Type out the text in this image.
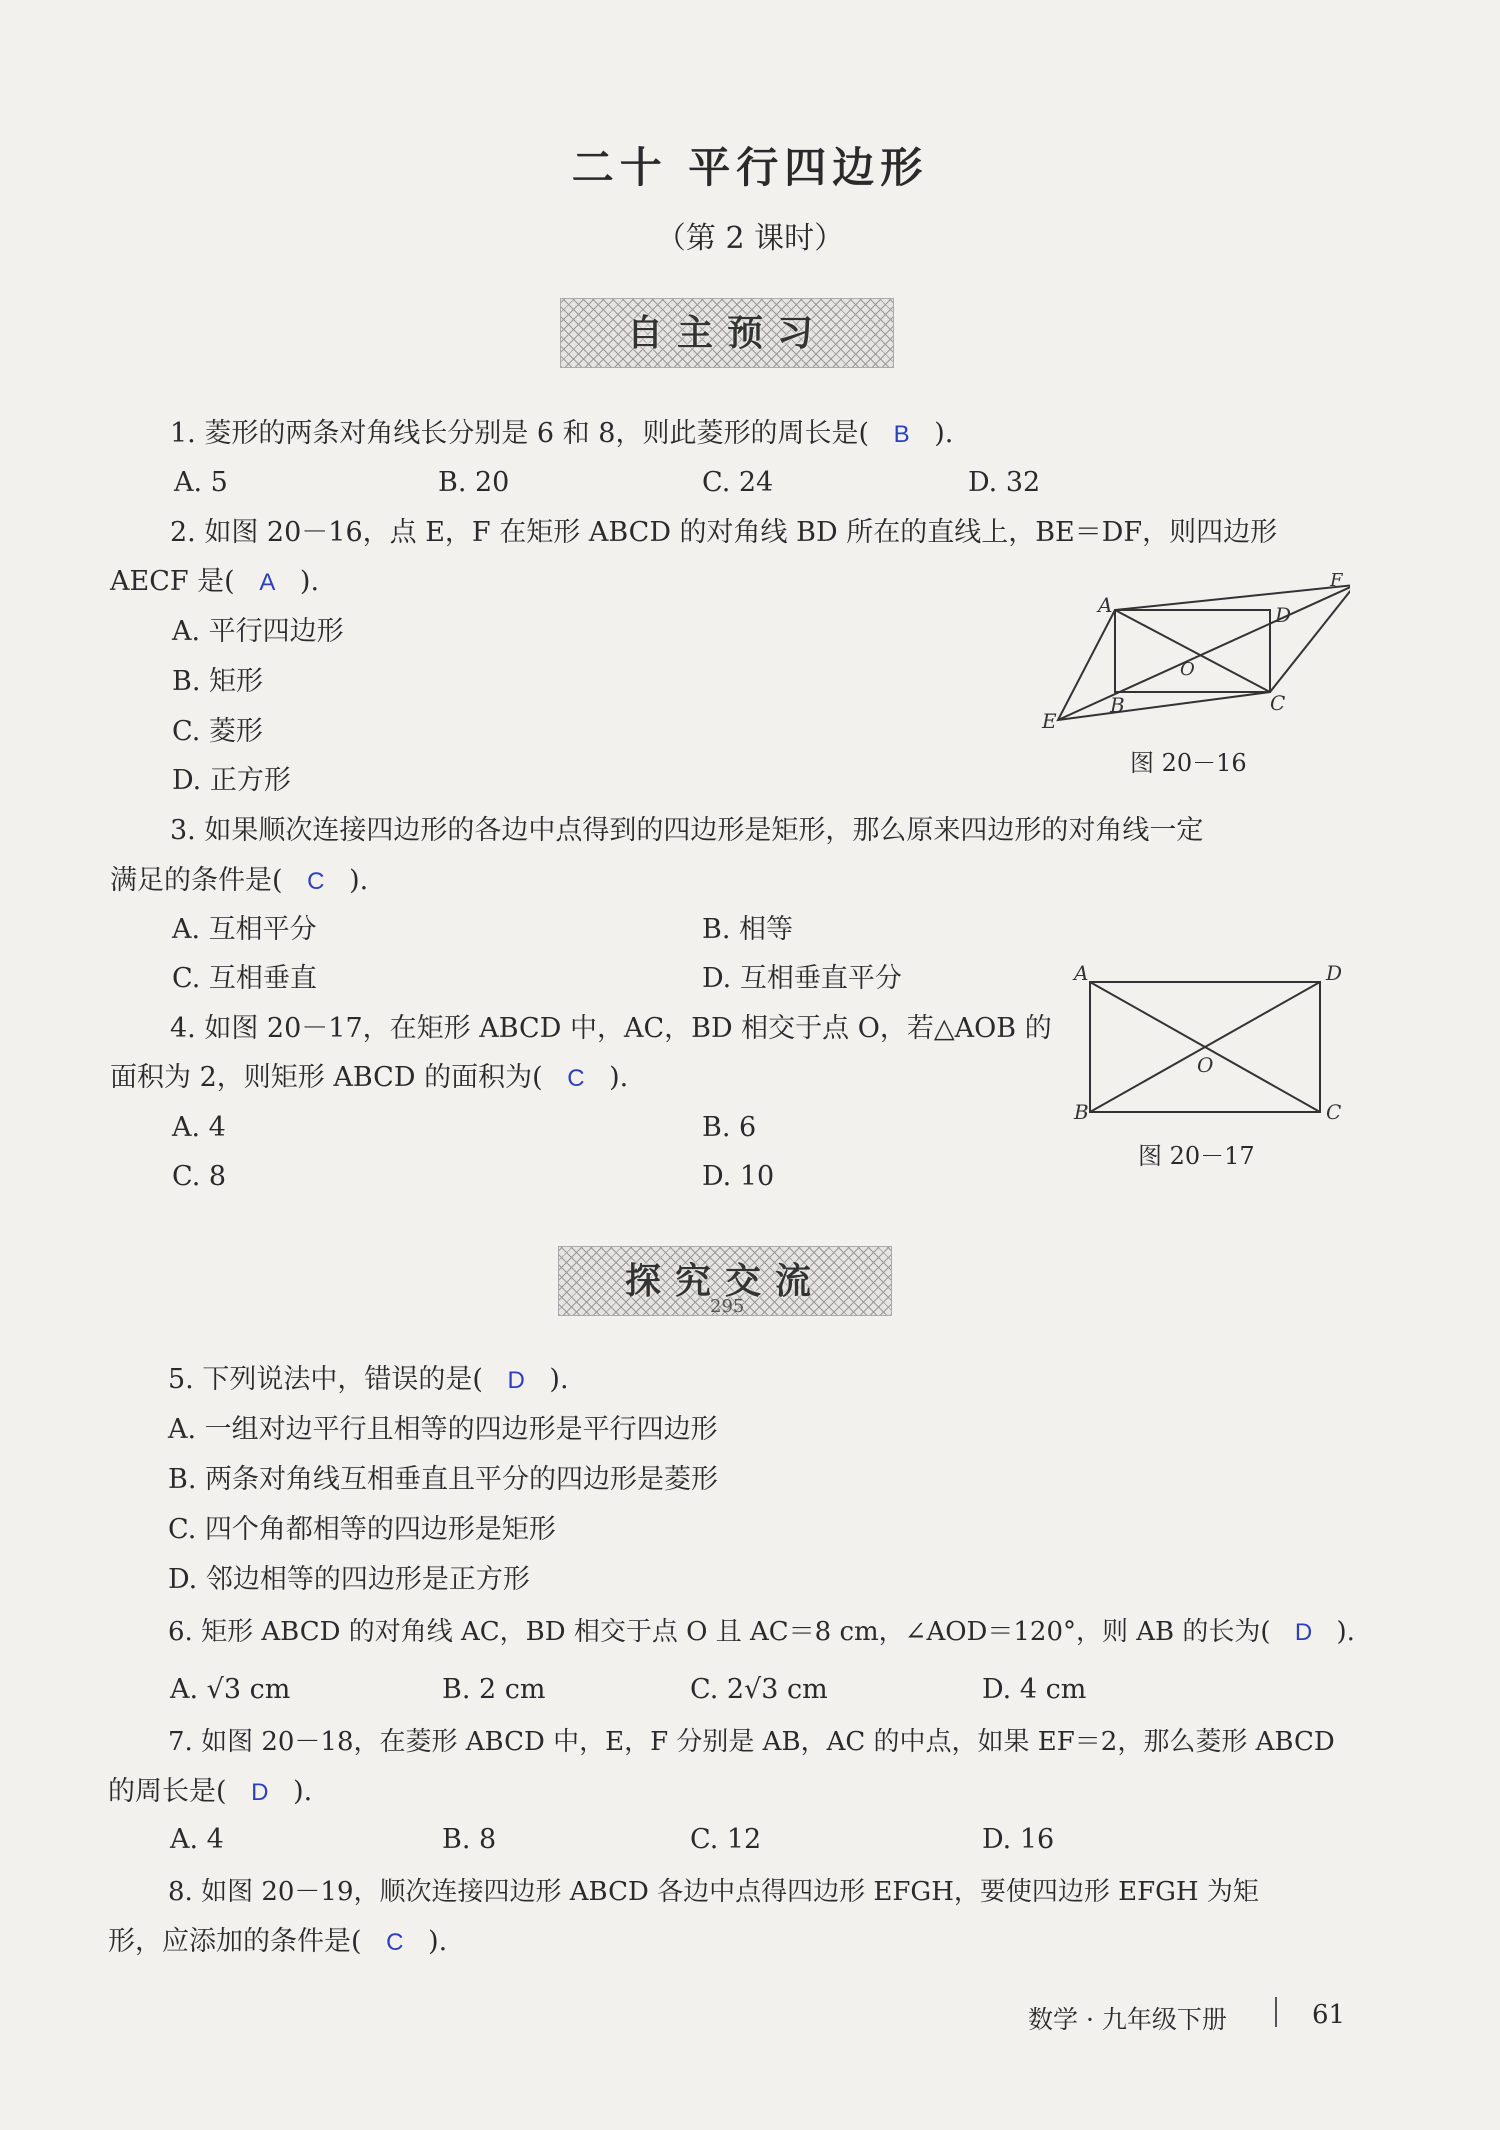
二十 平行四边形
（第 2 课时）
自主预习
1. 菱形的两条对角线长分别是 6 和 8，则此菱形的周长是( B ).
A. 5	B. 20	C. 24	D. 32
2. 如图 20－16，点 E，F 在矩形 ABCD 的对角线 BD 所在的直线上，BE＝DF，则四边形
AECF 是( A ).
A. 平行四边形
B. 矩形
C. 菱形
D. 正方形
A
F
D
O
B	C
E
图 20－16
3. 如果顺次连接四边形的各边中点得到的四边形是矩形，那么原来四边形的对角线一定
满足的条件是( C ).
A. 互相平分	B. 相等
C. 互相垂直	D. 互相垂直平分	A	D
O
B	C
图 20－17
4. 如图 20－17，在矩形 ABCD 中，AC，BD 相交于点 O，若△AOB 的
面积为 2，则矩形 ABCD 的面积为( C ).
A. 4	B. 6
C. 8	D. 10
探究交流
295
5. 下列说法中，错误的是( D ).
A. 一组对边平行且相等的四边形是平行四边形
B. 两条对角线互相垂直且平分的四边形是菱形
C. 四个角都相等的四边形是矩形
D. 邻边相等的四边形是正方形
6. 矩形 ABCD 的对角线 AC，BD 相交于点 O 且 AC＝8 cm，∠AOD＝120°，则 AB 的长为( D ).
A. √3 cm	B. 2 cm	C. 2√3 cm	D. 4 cm
7. 如图 20－18，在菱形 ABCD 中，E，F 分别是 AB，AC 的中点，如果 EF＝2，那么菱形 ABCD
的周长是( D ).
A. 4	B. 8	C. 12	D. 16
8. 如图 20－19，顺次连接四边形 ABCD 各边中点得四边形 EFGH，要使四边形 EFGH 为矩
形，应添加的条件是( C ).
数学 · 九年级下册	61
